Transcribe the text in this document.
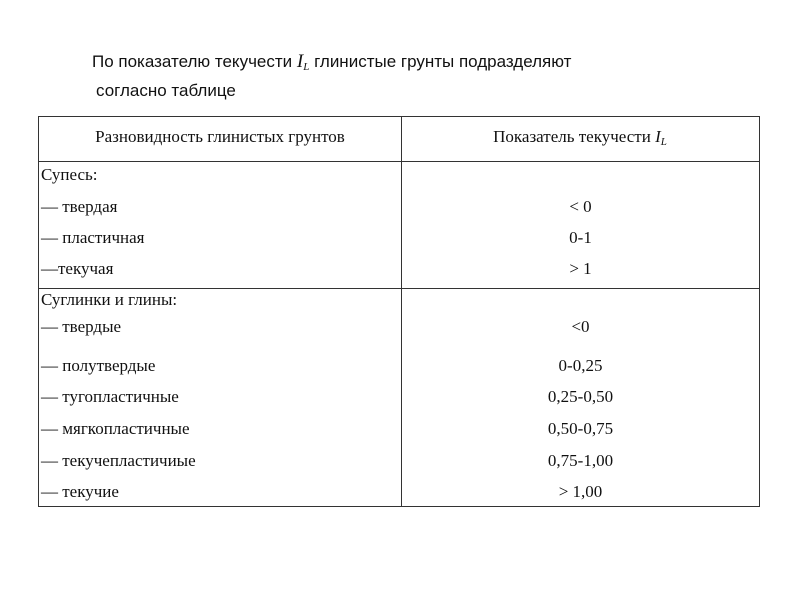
По показателю текучести $I_L$ глинистые грунты подразделяют
согласно таблице
Разновидность глинистых грунтов	Показатель текучести $I_L$
Супесь:
— твердая	< 0
— пластичная	0-1
—текучая	> 1
Суглинки и глины:
— твердые	<0
— полутвердые	0-0,25
— тугопластичные	0,25-0,50
— мягкопластичные	0,50-0,75
— текучепластичиые	0,75-1,00
— текучие	> 1,00
